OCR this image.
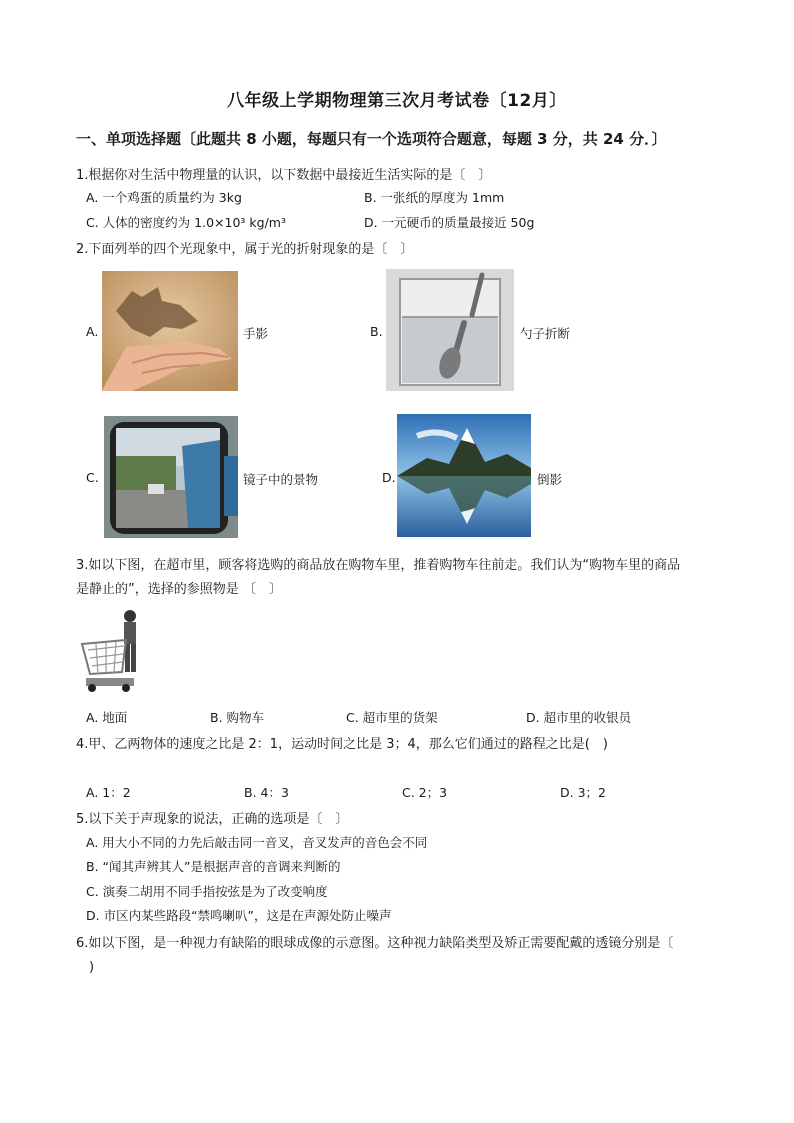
八年级上学期物理第三次月考试卷〔12月〕
一、单项选择题〔此题共 8 小题，每题只有一个选项符合题意，每题 3 分，共 24 分．〕
1.根据你对生活中物理量的认识，以下数据中最接近生活实际的是〔　〕
A. 一个鸡蛋的质量约为 3kg	B. 一张纸的厚度为 1mm
C. 人体的密度约为 1.0×10³ kg/m³	D. 一元硬币的质量最接近 50g
2.下面列举的四个光现象中，属于光的折射现象的是〔　〕
A.	手影	B.	勺子折断
C.	镜子中的景物	D.	倒影
3.如以下图，在超市里，顾客将选购的商品放在购物车里，推着购物车往前走。我们认为“购物车里的商品
是静止的”，选择的参照物是 〔　〕
A. 地面	B. 购物车	C. 超市里的货架	D. 超市里的收银员
4.甲、乙两物体的速度之比是 2：1，运动时间之比是 3；4，那么它们通过的路程之比是(　)
A. 1：2	B. 4：3	C. 2；3	D. 3；2
5.以下关于声现象的说法，正确的选项是〔　〕
A. 用大小不同的力先后敲击同一音叉，音叉发声的音色会不同
B. “闻其声辨其人”是根据声音的音调来判断的
C. 演奏二胡用不同手指按弦是为了改变响度
D. 市区内某些路段“禁鸣喇叭”，这是在声源处防止噪声
6.如以下图，是一种视力有缺陷的眼球成像的示意图。这种视力缺陷类型及矫正需要配戴的透镜分别是〔
　)
